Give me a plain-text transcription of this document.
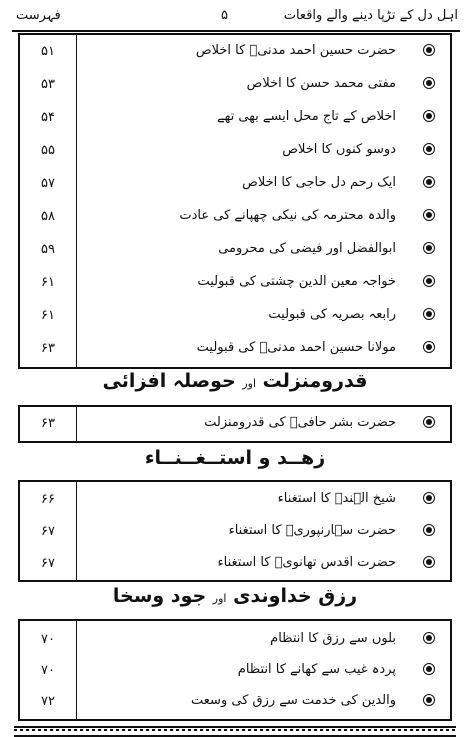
فہرست	۵	اہل دل کے تڑپا دینے والے واقعات
۵۱	حضرت حسین احمد مدنیؒ کا اخلاص
۵۳	مفتی محمد حسن کا اخلاص
۵۴	اخلاص کے تاج محل ایسے بھی تھے
۵۵	دوسو کنوں کا اخلاص
۵۷	ایک رحم دل حاجی کا اخلاص
۵۸	والدہ محترمہ کی نیکی چھپانے کی عادت
۵۹	ابوالفضل اور فیضی کی محرومی
۶۱	خواجہ معین الدین چشتی کی قبولیت
۶۱	رابعہ بصریہ کی قبولیت
۶۳	مولانا حسین احمد مدنیؒ کی قبولیت
قدرومنزلت اور حوصلہ افزائی
۶۳	حضرت بشر حافیؒ کی قدرومنزلت
زھــد و استــغــنــاء
۶۶	شیخ الہندؒ کا استغناء
۶۷	حضرت سہارنپوریؒ کا استغناء
۶۷	حضرت اقدس تھانویؒ کا استغناء
رزق خداوندی اور جود وسخا
۷۰	بلوں سے رزق کا انتظام
۷۰	پردہ غیب سے کھانے کا انتظام
۷۲	والدین کی خدمت سے رزق کی وسعت
